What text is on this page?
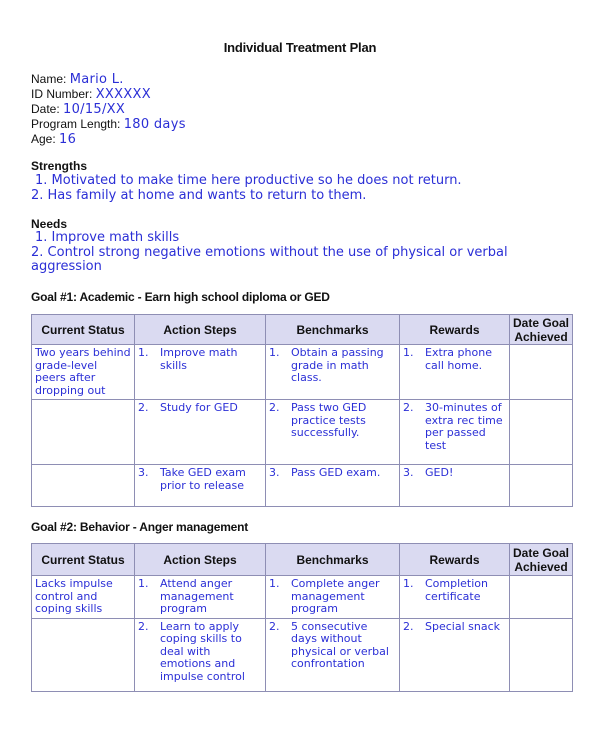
Individual Treatment Plan
Name: Mario L.
ID Number: XXXXXX
Date: 10/15/XX
Program Length: 180 days
Age: 16
Strengths
1. Motivated to make time here productive so he does not return.
2. Has family at home and wants to return to them.
Needs
1. Improve math skills
2. Control strong negative emotions without the use of physical or verbal
aggression
Goal #1: Academic - Earn high school diploma or GED
Current Status	Action Steps	Benchmarks	Rewards	Date Goal Achieved
Two years behind grade-level peers after dropping out	1. Improve math skills	1. Obtain a passing grade in math class.	1. Extra phone call home.	

	2. Study for GED	2. Pass two GED practice tests successfully.	2. 30-minutes of extra rec time per passed test	

	3. Take GED exam prior to release	3. Pass GED exam.	3. GED!	

Goal #2: Behavior - Anger management
Current Status	Action Steps	Benchmarks	Rewards	Date Goal Achieved
Lacks impulse control and coping skills	1. Attend anger management program	1. Complete anger management program	1. Completion certificate	

	2. Learn to apply coping skills to deal with emotions and impulse control	2. 5 consecutive days without physical or verbal confrontation	2. Special snack	
